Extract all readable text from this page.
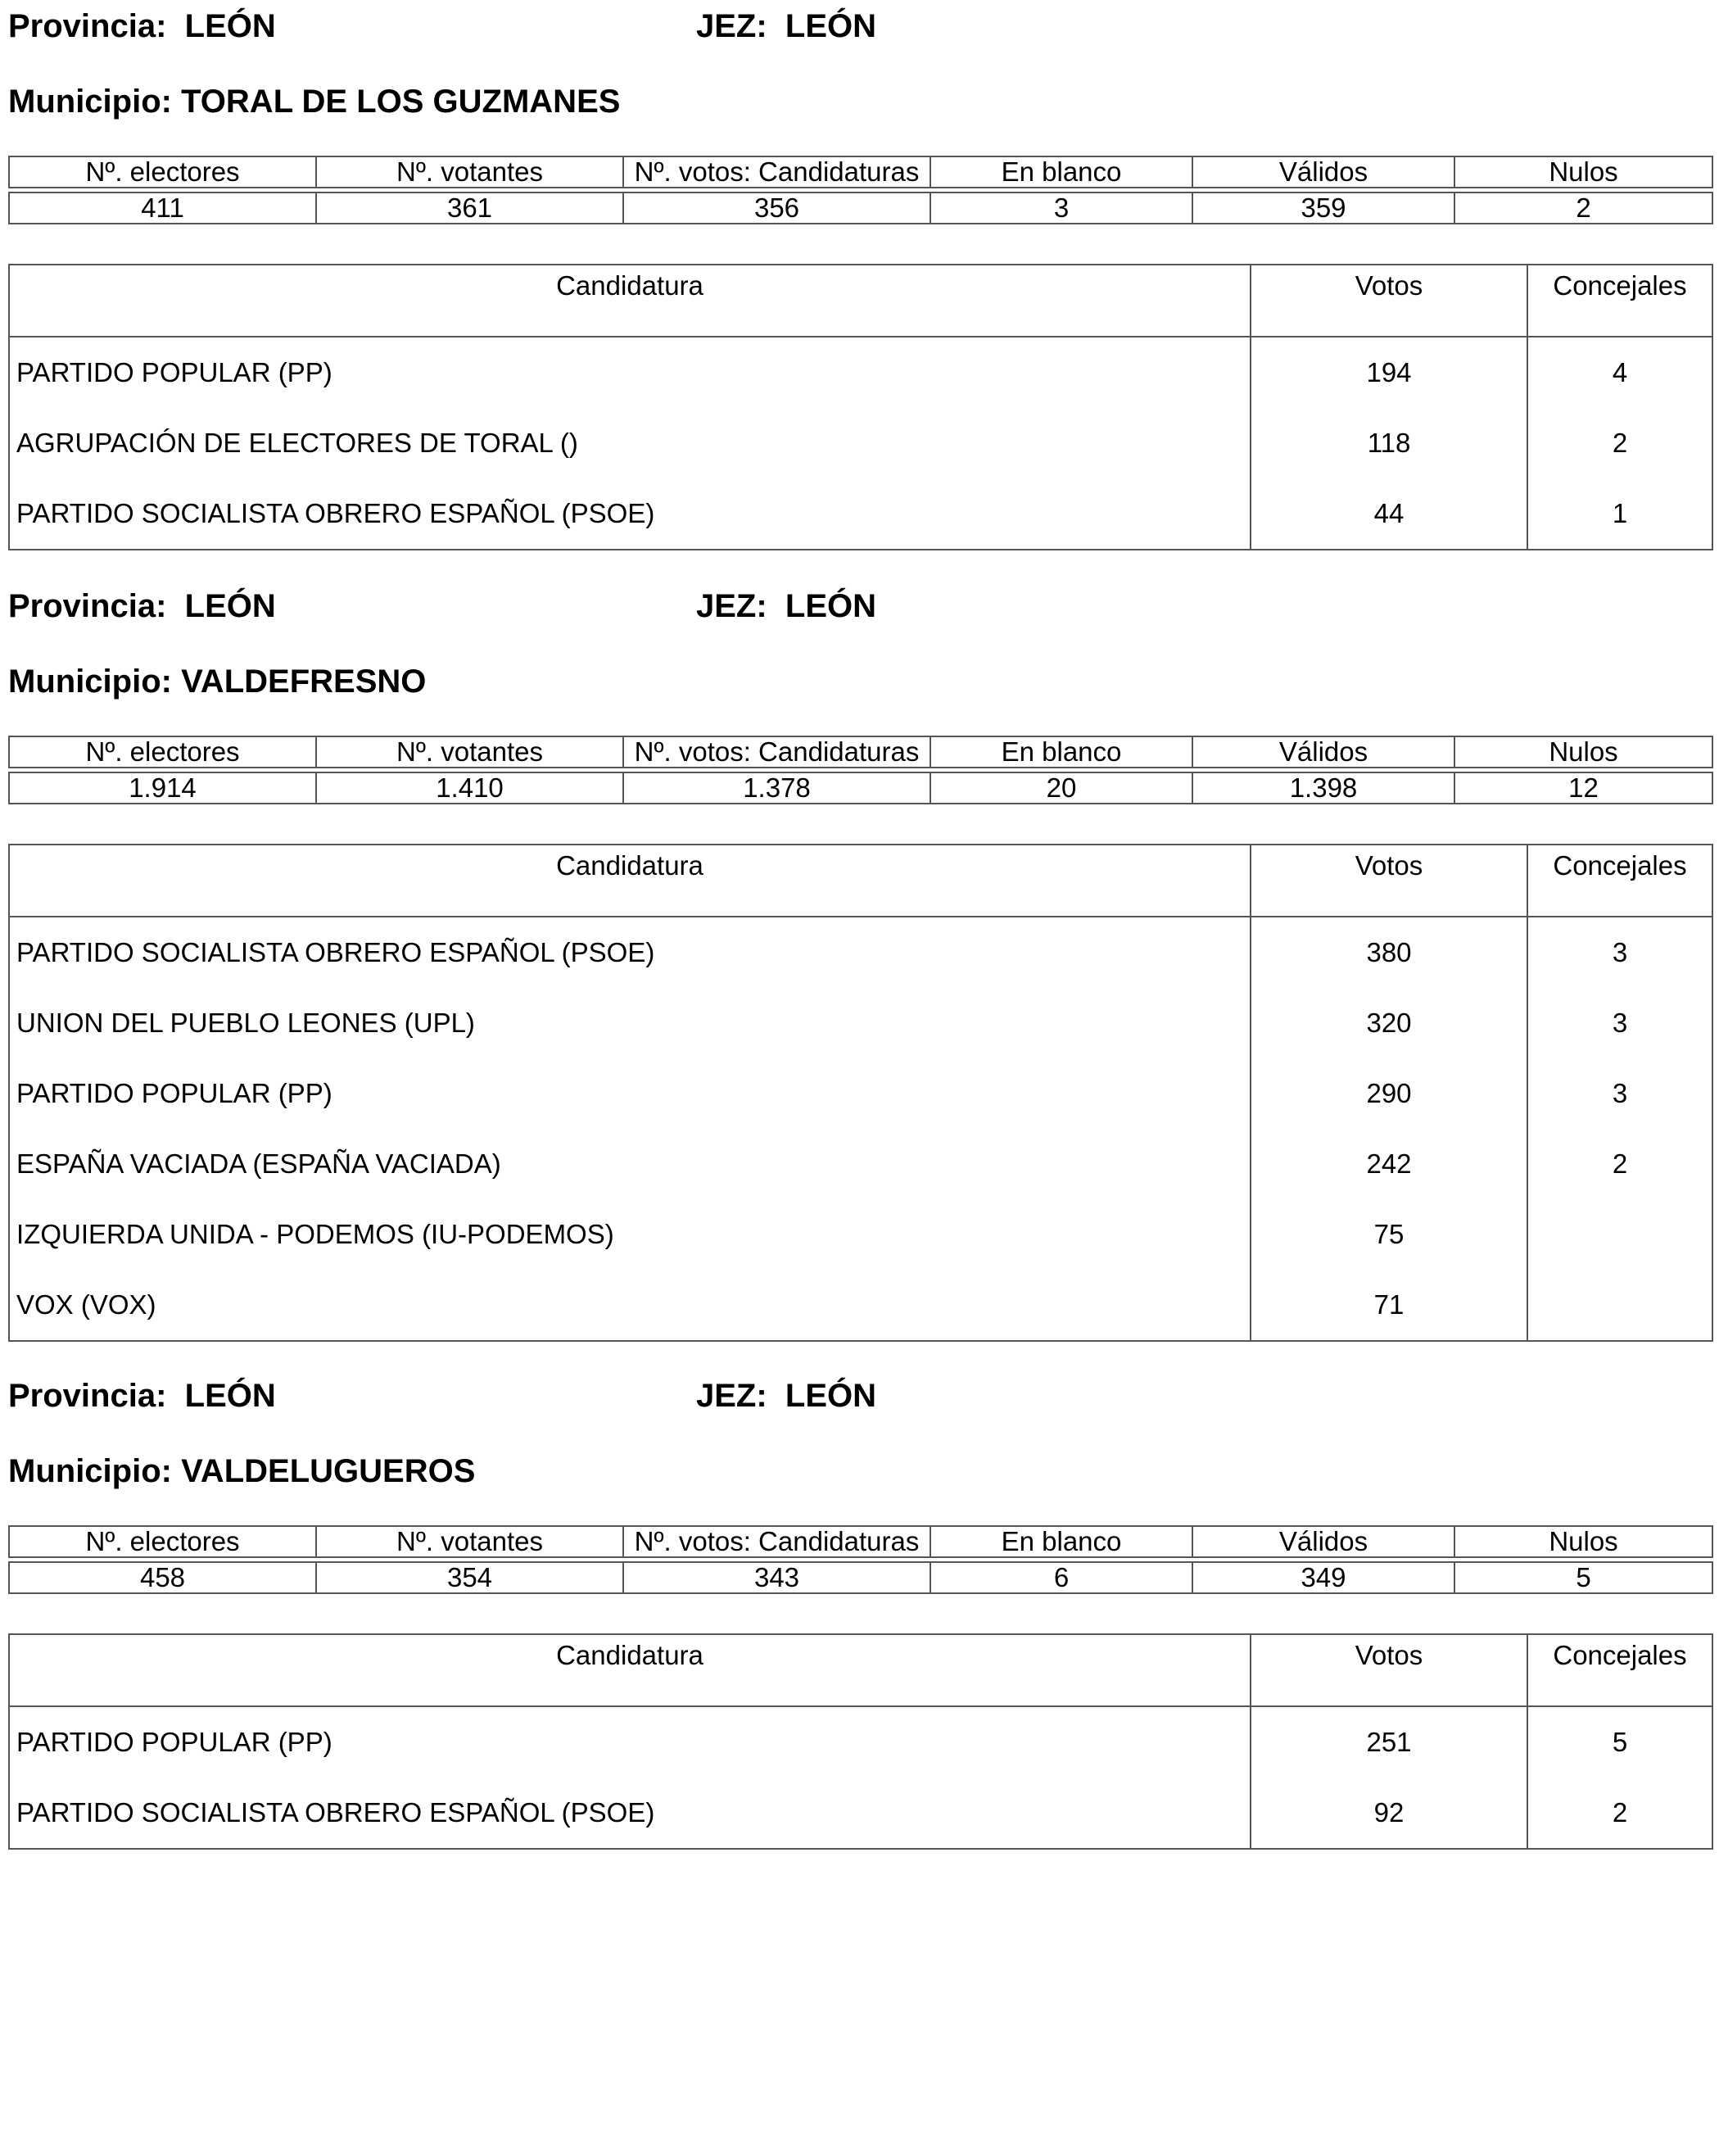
Provincia: LEÓN	JEZ: LEÓN
Municipio: TORAL DE LOS GUZMANES
Nº. electores	Nº. votantes	Nº. votos: Candidaturas	En blanco	Válidos	Nulos

411	361	356	3	359	2
Candidatura	Votos	Concejales
PARTIDO POPULAR (PP)	194	4
AGRUPACIÓN DE ELECTORES DE TORAL ()	118	2
PARTIDO SOCIALISTA OBRERO ESPAÑOL (PSOE)	44	1
Provincia: LEÓN	JEZ: LEÓN
Municipio: VALDEFRESNO
Nº. electores	Nº. votantes	Nº. votos: Candidaturas	En blanco	Válidos	Nulos

1.914	1.410	1.378	20	1.398	12
Candidatura	Votos	Concejales
PARTIDO SOCIALISTA OBRERO ESPAÑOL (PSOE)	380	3
UNION DEL PUEBLO LEONES (UPL)	320	3
PARTIDO POPULAR (PP)	290	3
ESPAÑA VACIADA (ESPAÑA VACIADA)	242	2
IZQUIERDA UNIDA - PODEMOS (IU-PODEMOS)	75	
VOX (VOX)	71	
Provincia: LEÓN	JEZ: LEÓN
Municipio: VALDELUGUEROS
Nº. electores	Nº. votantes	Nº. votos: Candidaturas	En blanco	Válidos	Nulos

458	354	343	6	349	5
Candidatura	Votos	Concejales
PARTIDO POPULAR (PP)	251	5
PARTIDO SOCIALISTA OBRERO ESPAÑOL (PSOE)	92	2
